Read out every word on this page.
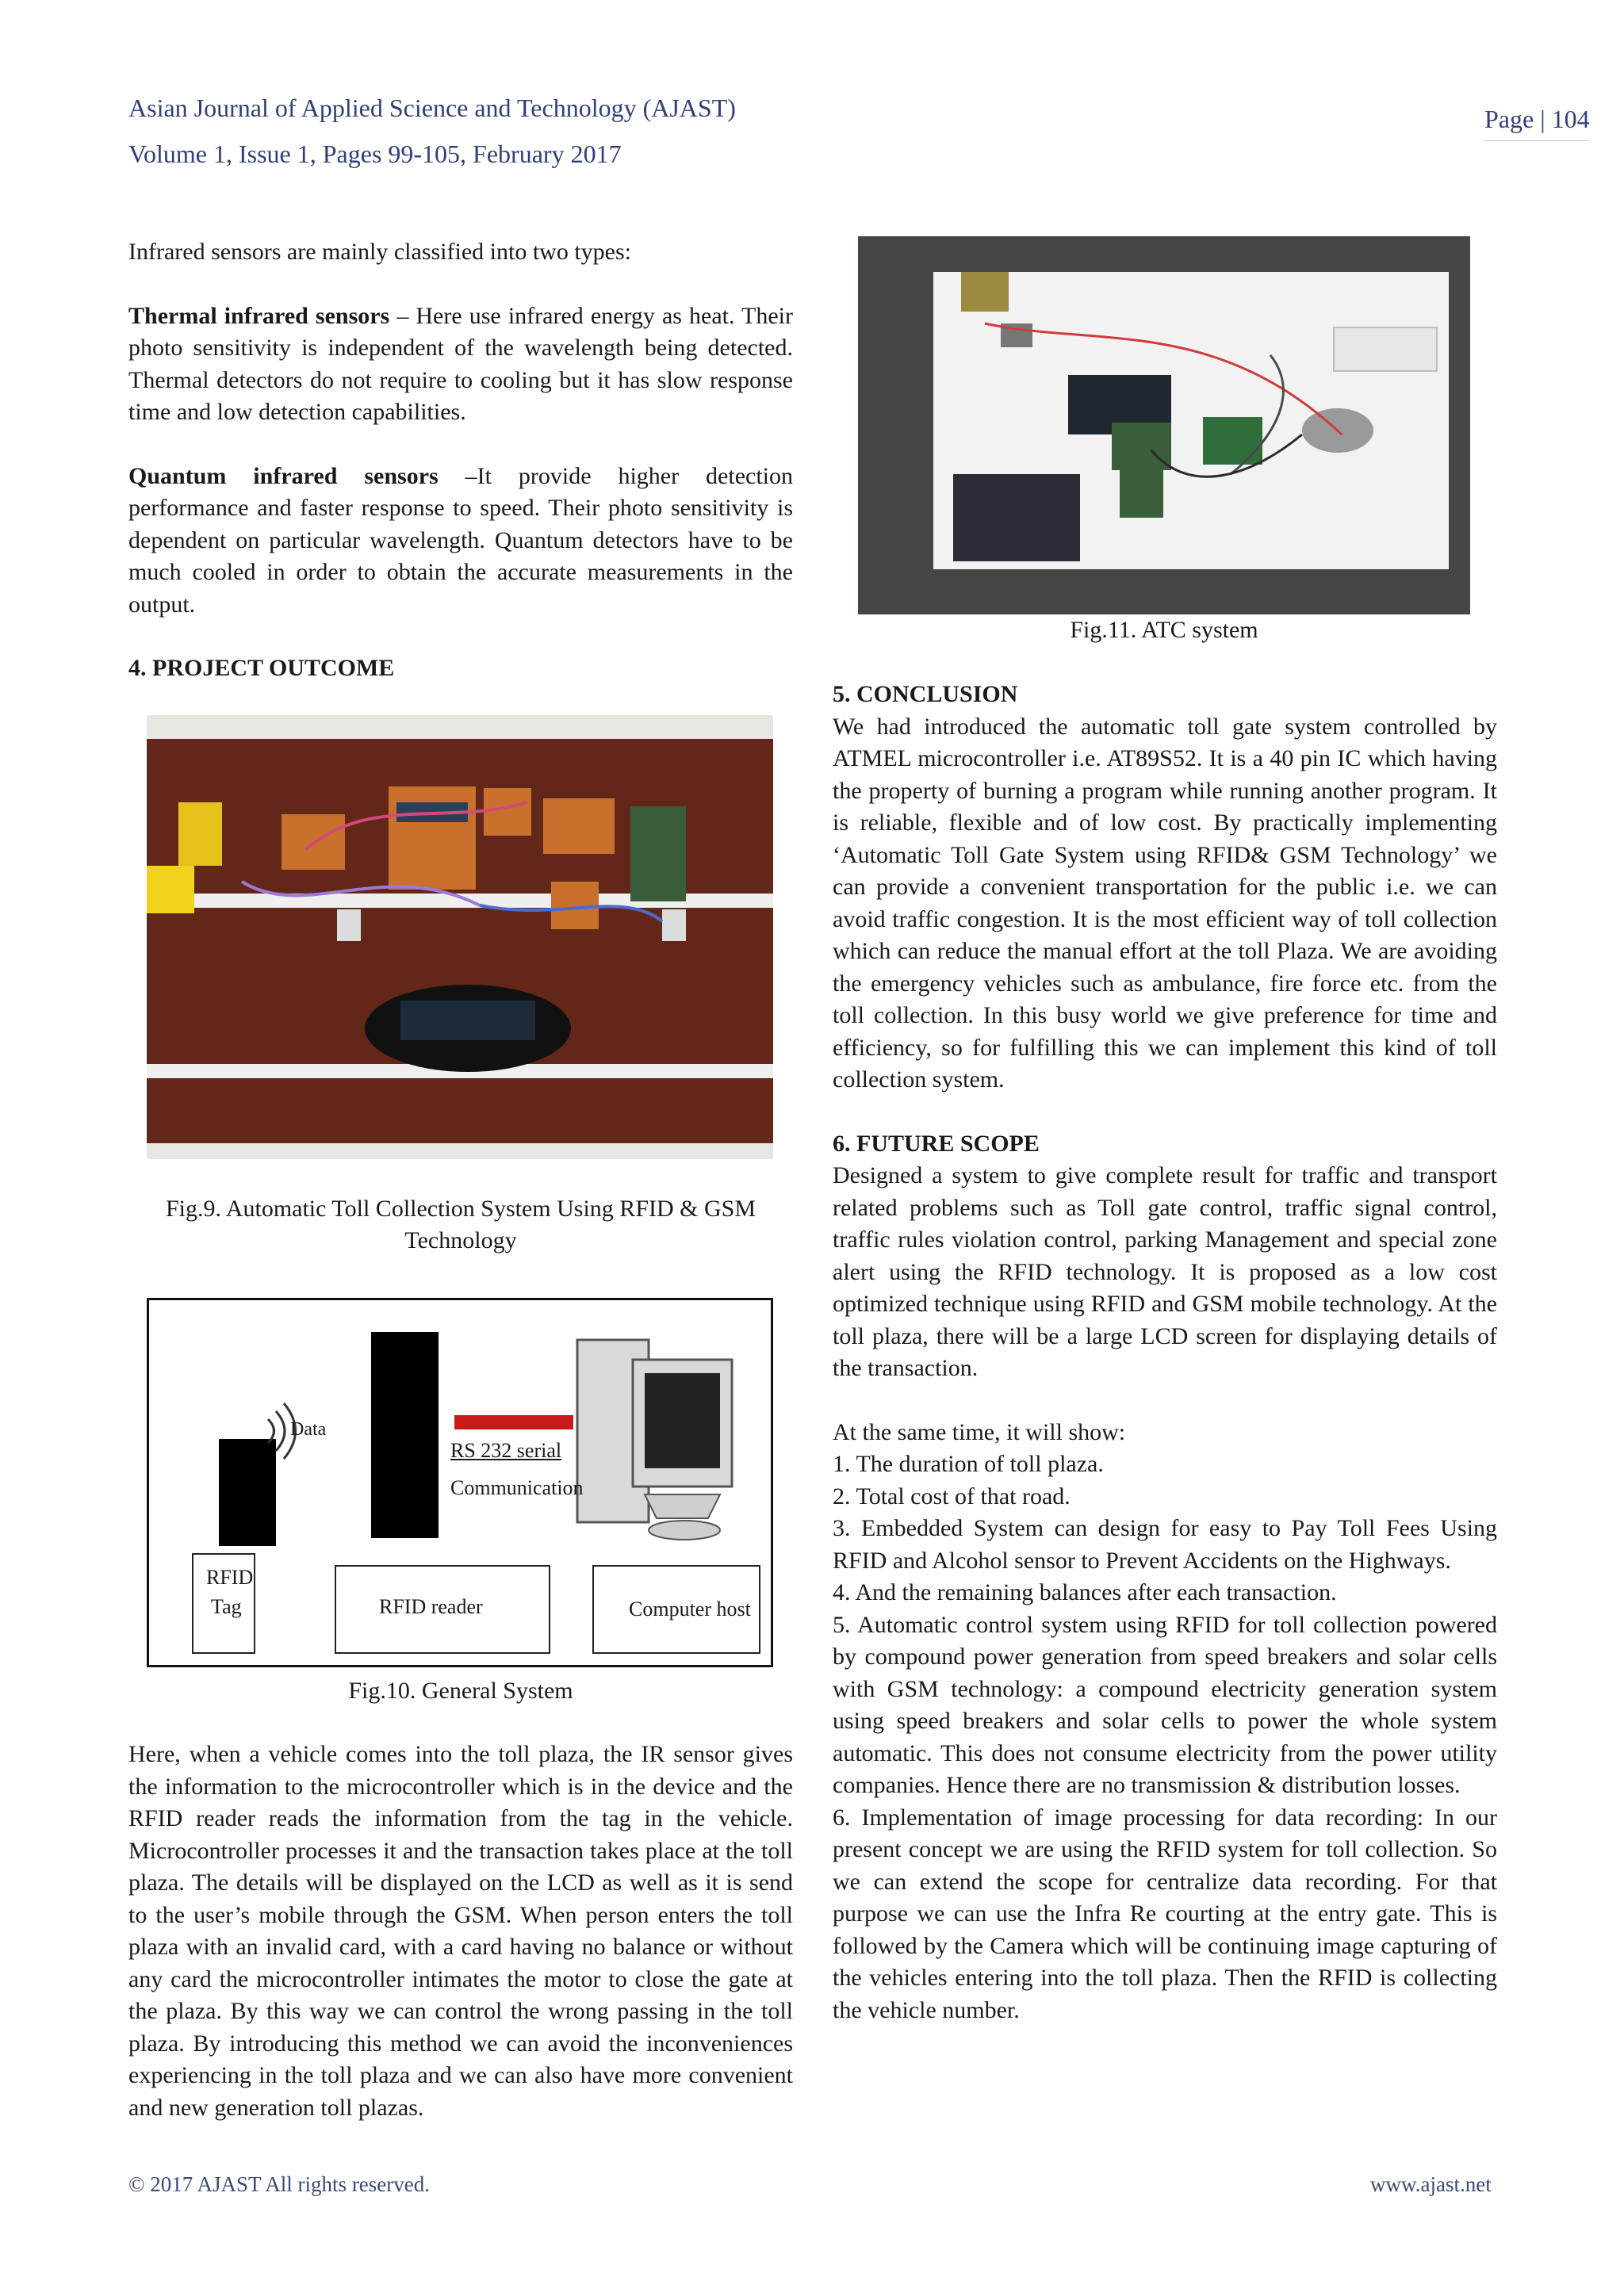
Asian Journal of Applied Science and Technology (AJAST)
Volume 1, Issue 1, Pages 99-105, February 2017
Page | 104

Infrared sensors are mainly classified into two types:

Thermal infrared sensors – Here use infrared energy as heat. Their photo sensitivity is independent of the wavelength being detected. Thermal detectors do not require to cooling but it has slow response time and low detection capabilities.

Quantum infrared sensors –It provide higher detection performance and faster response to speed. Their photo sensitivity is dependent on particular wavelength. Quantum detectors have to be much cooled in order to obtain the accurate measurements in the output.

4. PROJECT OUTCOME

Fig.9. Automatic Toll Collection System Using RFID & GSM Technology
Data
RS 232 serial
Communication
RFID
Tag	RFID reader	Computer host
Fig.10. General System

Here, when a vehicle comes into the toll plaza, the IR sensor gives the information to the microcontroller which is in the device and the RFID reader reads the information from the tag in the vehicle. Microcontroller processes it and the transaction takes place at the toll plaza. The details will be displayed on the LCD as well as it is send to the user’s mobile through the GSM. When person enters the toll plaza with an invalid card, with a card having no balance or without any card the microcontroller intimates the motor to close the gate at the plaza. By this way we can control the wrong passing in the toll plaza. By introducing this method we can avoid the inconveniences experiencing in the toll plaza and we can also have more convenient and new generation toll plazas.

Fig.11. ATC system

5. CONCLUSION

We had introduced the automatic toll gate system controlled by ATMEL microcontroller i.e. AT89S52. It is a 40 pin IC which having the property of burning a program while running another program. It is reliable, flexible and of low cost. By practically implementing ‘Automatic Toll Gate System using RFID& GSM Technology’ we can provide a convenient transportation for the public i.e. we can avoid traffic congestion. It is the most efficient way of toll collection which can reduce the manual effort at the toll Plaza. We are avoiding the emergency vehicles such as ambulance, fire force etc. from the toll collection. In this busy world we give preference for time and efficiency, so for fulfilling this we can implement this kind of toll collection system.

6. FUTURE SCOPE

Designed a system to give complete result for traffic and transport related problems such as Toll gate control, traffic signal control, traffic rules violation control, parking Management and special zone alert using the RFID technology. It is proposed as a low cost optimized technique using RFID and GSM mobile technology. At the toll plaza, there will be a large LCD screen for displaying details of the transaction.

At the same time, it will show:

1. The duration of toll plaza.

2. Total cost of that road.

3. Embedded System can design for easy to Pay Toll Fees Using RFID and Alcohol sensor to Prevent Accidents on the Highways.

4. And the remaining balances after each transaction.

5. Automatic control system using RFID for toll collection powered by compound power generation from speed breakers and solar cells with GSM technology: a compound electricity generation system using speed breakers and solar cells to power the whole system automatic. This does not consume electricity from the power utility companies. Hence there are no transmission & distribution losses.

6. Implementation of image processing for data recording: In our present concept we are using the RFID system for toll collection. So we can extend the scope for centralize data recording. For that purpose we can use the Infra Re courting at the entry gate. This is followed by the Camera which will be continuing image capturing of the vehicles entering into the toll plaza. Then the RFID is collecting the vehicle number.

© 2017 AJAST All rights reserved.	www.ajast.net
